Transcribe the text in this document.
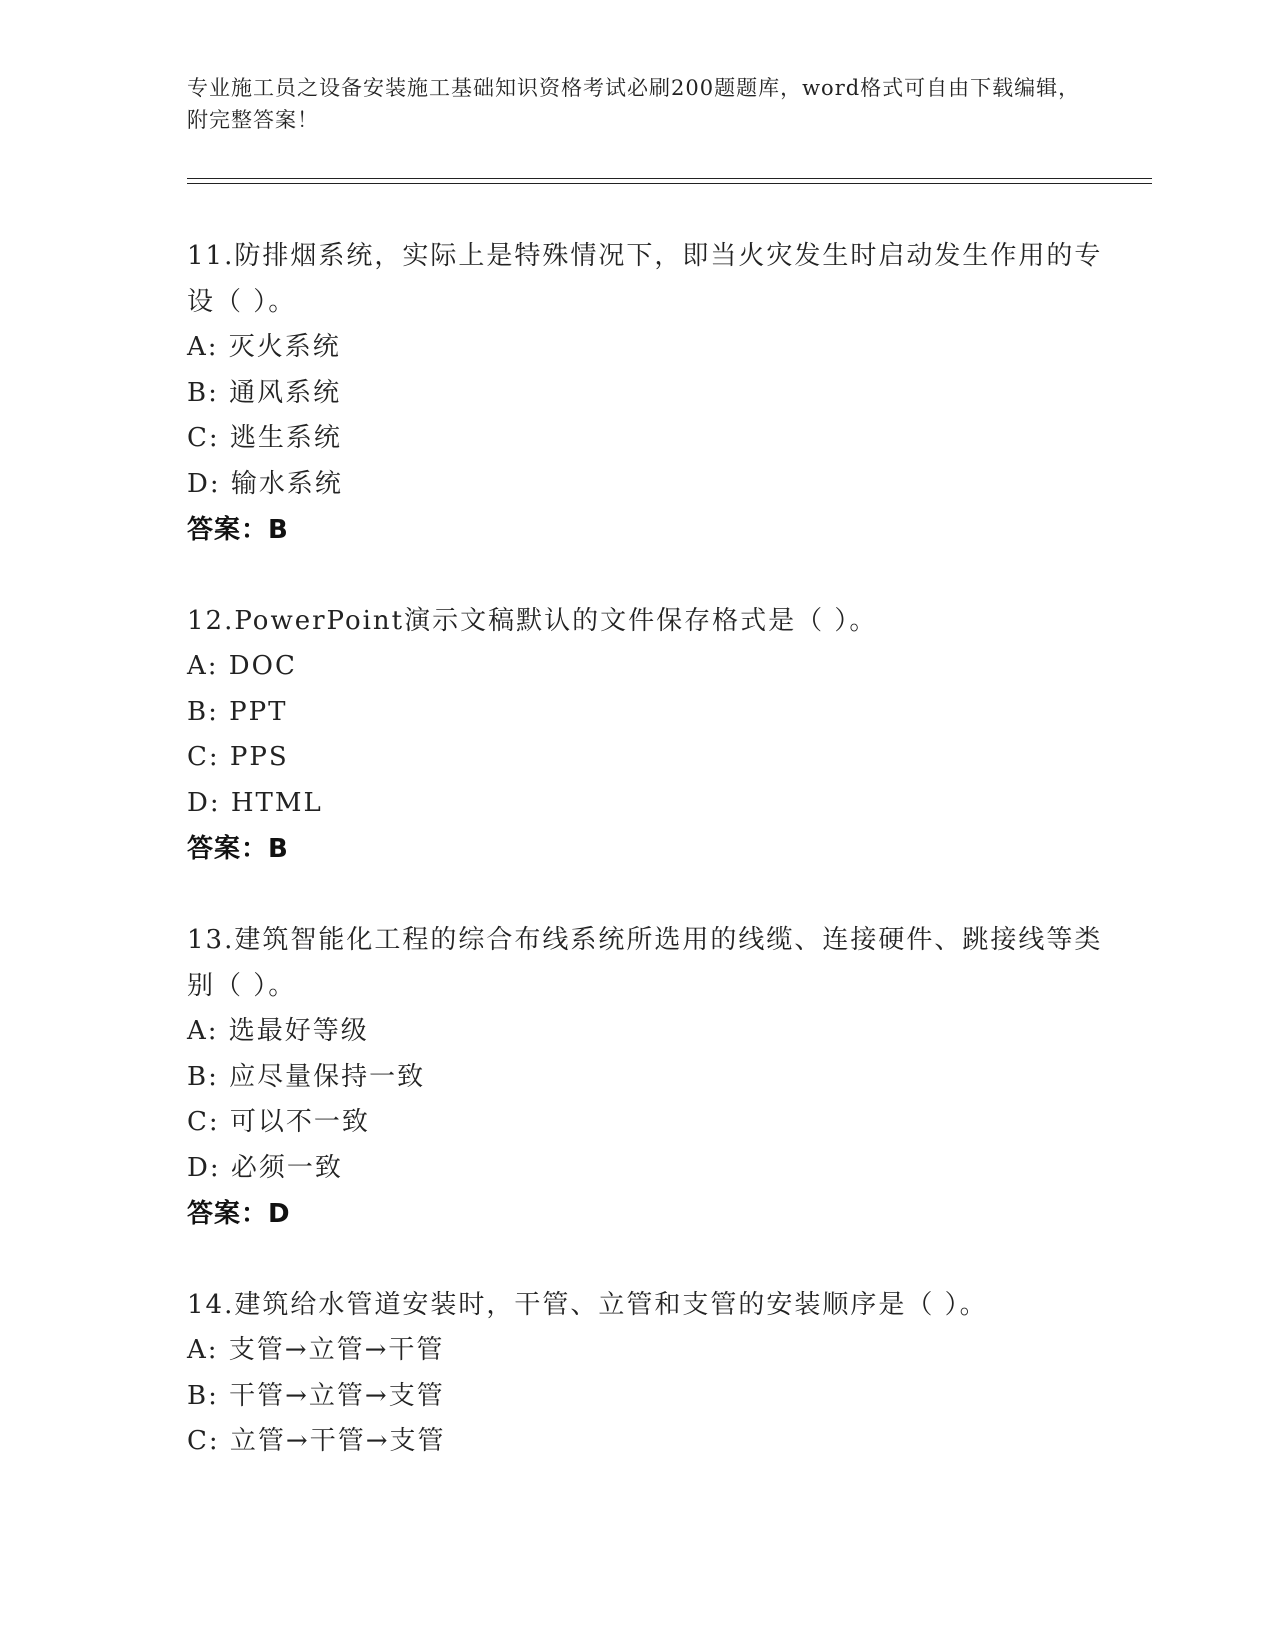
专业施工员之设备安装施工基础知识资格考试必刷200题题库，word格式可自由下载编辑，附完整答案！
11.防排烟系统，实际上是特殊情况下，即当火灾发生时启动发生作用的专设（ ）。
A: 灭火系统
B: 通风系统
C: 逃生系统
D: 输水系统
答案：B
12.PowerPoint演示文稿默认的文件保存格式是（ ）。
A: DOC
B: PPT
C: PPS
D: HTML
答案：B
13.建筑智能化工程的综合布线系统所选用的线缆、连接硬件、跳接线等类别（ ）。
A: 选最好等级
B: 应尽量保持一致
C: 可以不一致
D: 必须一致
答案：D
14.建筑给水管道安装时，干管、立管和支管的安装顺序是（ ）。
A: 支管→立管→干管
B: 干管→立管→支管
C: 立管→干管→支管
